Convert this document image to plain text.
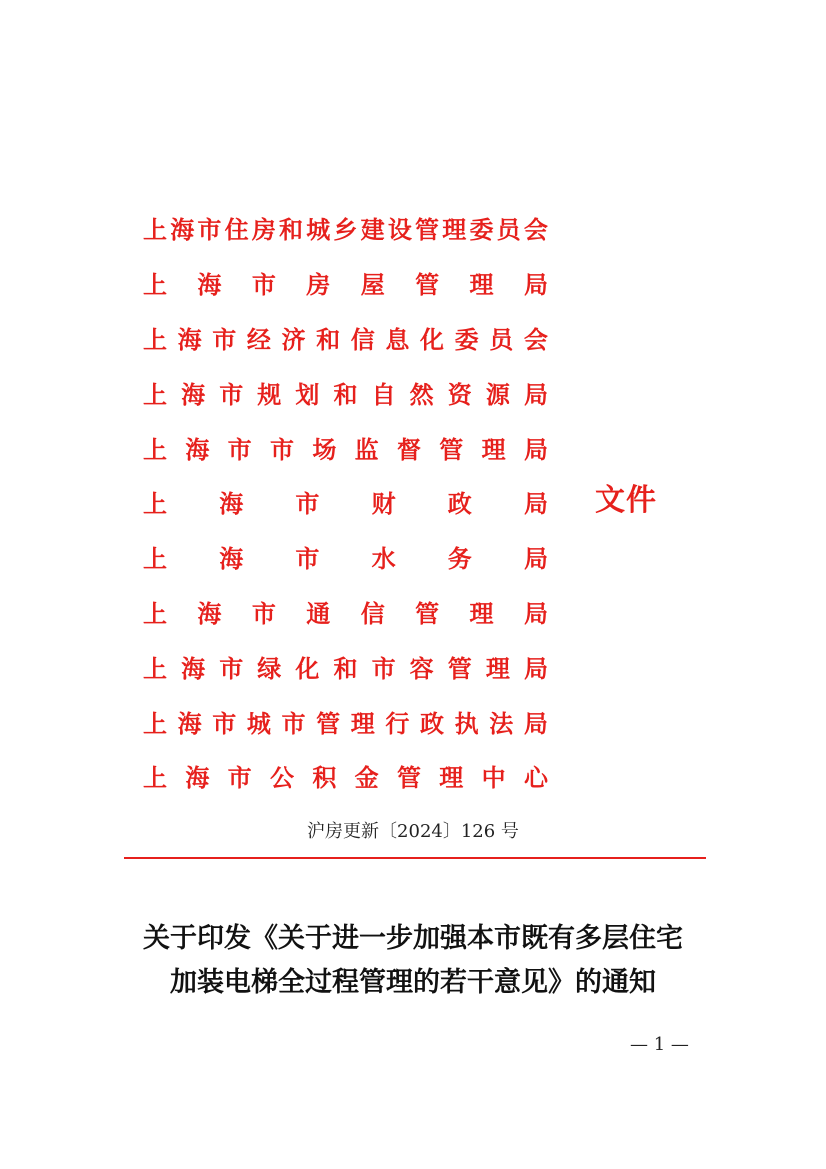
上 海 市 住 房 和 城 乡 建 设 管 理 委 员 会
上 海 市 房 屋 管 理 局
上 海 市 经 济 和 信 息 化 委 员 会
上 海 市 规 划 和 自 然 资 源 局
上 海 市 市 场 监 督 管 理 局
上 海 市 财 政 局
上 海 市 水 务 局
上 海 市 通 信 管 理 局
上 海 市 绿 化 和 市 容 管 理 局
上 海 市 城 市 管 理 行 政 执 法 局
上 海 市 公 积 金 管 理 中 心
文件
沪房更新〔2024〕126 号
关于印发《关于进一步加强本市既有多层住宅
加装电梯全过程管理的若干意见》的通知
— 1 —
